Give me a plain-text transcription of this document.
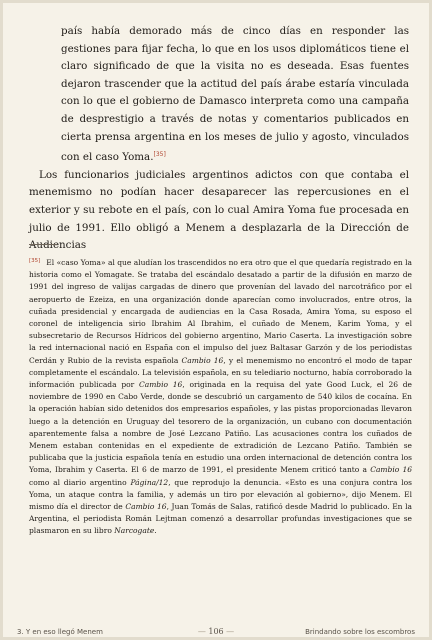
país había demorado más de cinco días en responder las gestiones para fijar fecha, lo que en los usos diplomáticos tiene el claro significado de que la visita no es deseada. Esas fuentes dejaron trascender que la actitud del país árabe estaría vinculada con lo que el gobierno de Damasco interpreta como una campaña de desprestigio a través de notas y comentarios publicados en cierta prensa argentina en los meses de julio y agosto, vinculados con el caso Yoma.[35]

Los funcionarios judiciales argentinos adictos con que contaba el menemismo no podían hacer desaparecer las repercusiones en el exterior y su rebote en el país, con lo cual Amira Yoma fue procesada en julio de 1991. Ello obligó a Menem a desplazarla de la Dirección de Audiencias

[35] El «caso Yoma» al que aludían los trascendidos no era otro que el que quedaría registrado en la historia como el Yomagate. Se trataba del escándalo desatado a partir de la difusión en marzo de 1991 del ingreso de valijas cargadas de dinero que provenían del lavado del narcotráfico por el aeropuerto de Ezeiza, en una organización donde aparecían como involucrados, entre otros, la cuñada presidencial y encargada de audiencias en la Casa Rosada, Amira Yoma, su esposo el coronel de inteligencia sirio Ibrahim Al Ibrahim, el cuñado de Menem, Karim Yoma, y el subsecretario de Recursos Hídricos del gobierno argentino, Mario Caserta. La investigación sobre la red internacional nació en España con el impulso del juez Baltasar Garzón y de los periodistas Cerdán y Rubio de la revista española Cambio 16, y el menemismo no encontró el modo de tapar completamente el escándalo. La televisión española, en su telediario nocturno, había corroborado la información publicada por Cambio 16, originada en la requisa del yate Good Luck, el 26 de noviembre de 1990 en Cabo Verde, donde se descubrió un cargamento de 540 kilos de cocaína. En la operación habían sido detenidos dos empresarios españoles, y las pistas proporcionadas llevaron luego a la detención en Uruguay del tesorero de la organización, un cubano con documentación aparentemente falsa a nombre de José Lezcano Patiño. Las acusaciones contra los cuñados de Menem estaban contenidas en el expediente de extradición de Lezcano Patiño. También se publicaba que la justicia española tenía en estudio una orden internacional de detención contra los Yoma, Ibrahim y Caserta. El 6 de marzo de 1991, el presidente Menem criticó tanto a Cambio 16 como al diario argentino Página/12, que reprodujo la denuncia. «Esto es una conjura contra los Yoma, un ataque contra la familia, y además un tiro por elevación al gobierno», dijo Menem. El mismo día el director de Cambio 16, Juan Tomás de Salas, ratificó desde Madrid lo publicado. En la Argentina, el periodista Román Lejtman comenzó a desarrollar profundas investigaciones que se plasmaron en su libro Narcogate.
3. Y en eso llegó Menem	— 106 —	Brindando sobre los escombros
